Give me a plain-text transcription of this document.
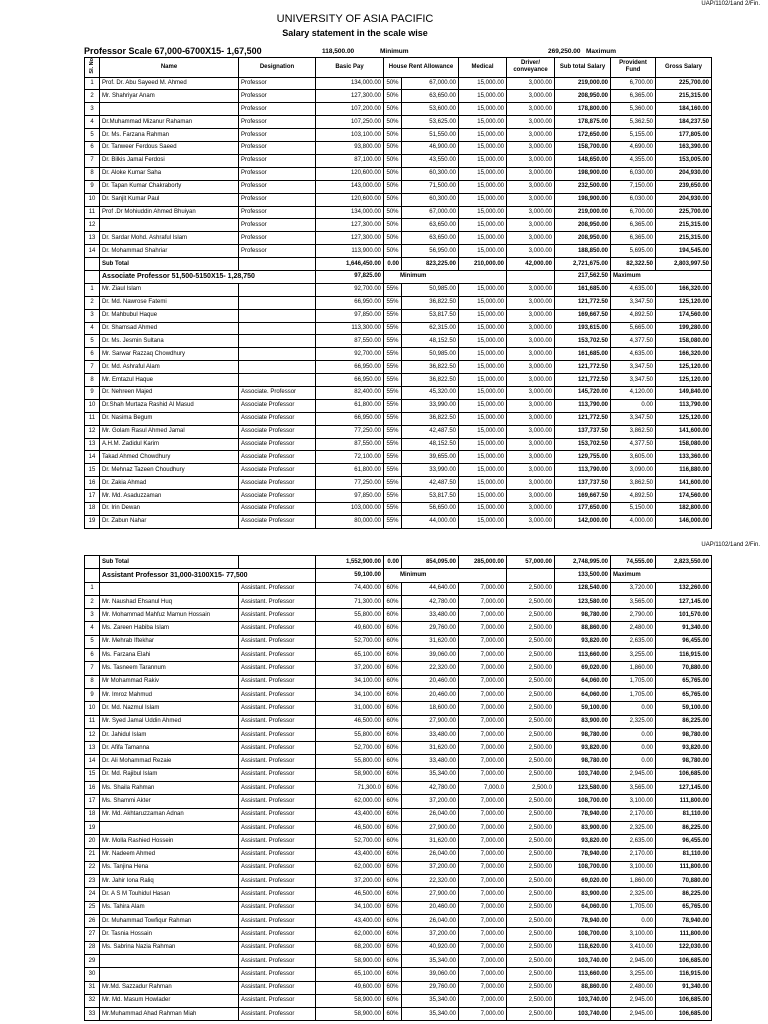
UAP/1102/1and 2/Fin.
UNIVERSITY OF ASIA PACIFIC
Salary statement in the scale wise
Professor Scale 67,000-6700X15- 1,67,500	118,500.00	Minimum	269,250.00 Maximum
Sl. No	Name	Designation	Basic Pay	House Rent Allowance		Medical	Driver/ conveyance	Sub total Salary	Provident Fund	Gross Salary
1	Prof. Dr. Abu Sayeed M. Ahmed	Professor	134,000.00	50%	67,000.00	15,000.00	3,000.00	219,000.00	6,700.00	225,700.00
2	Mr. Shahriyar Anam	Professor	127,300.00	50%	63,650.00	15,000.00	3,000.00	208,950.00	6,365.00	215,315.00
3		Professor	107,200.00	50%	53,600.00	15,000.00	3,000.00	178,800.00	5,360.00	184,160.00
4	Dr.Muhammad Mizanur Rahaman	Professor	107,250.00	50%	53,625.00	15,000.00	3,000.00	178,875.00	5,362.50	184,237.50
5	Dr. Ms. Farzana Rahman	Professor	103,100.00	50%	51,550.00	15,000.00	3,000.00	172,650.00	5,155.00	177,805.00
6	Dr. Tanweer Ferdous Saeed	Professor	93,800.00	50%	46,900.00	15,000.00	3,000.00	158,700.00	4,690.00	163,390.00
7	Dr. Bilkis Jamal Ferdosi	Professor	87,100.00	50%	43,550.00	15,000.00	3,000.00	148,650.00	4,355.00	153,005.00
8	Dr. Aloke Kumar Saha	Professor	120,600.00	50%	60,300.00	15,000.00	3,000.00	198,900.00	6,030.00	204,930.00
9	Dr. Tapan Kumar Chakraborty	Professor	143,000.00	50%	71,500.00	15,000.00	3,000.00	232,500.00	7,150.00	239,650.00
10	Dr. Sanjit Kumar Paul	Professor	120,600.00	50%	60,300.00	15,000.00	3,000.00	198,900.00	6,030.00	204,930.00
11	Prof .Dr Mohiuddin Ahmed Bhuiyan	Professor	134,000.00	50%	67,000.00	15,000.00	3,000.00	219,000.00	6,700.00	225,700.00
12		Professor	127,300.00	50%	63,650.00	15,000.00	3,000.00	208,950.00	6,365.00	215,315.00
13	Dr. Sardar Mohd. Ashraful Islam	Professor	127,300.00	50%	63,650.00	15,000.00	3,000.00	208,950.00	6,365.00	215,315.00
14	Dr. Mohammad Shahriar	Professor	113,900.00	50%	56,950.00	15,000.00	3,000.00	188,850.00	5,695.00	194,545.00
	Sub Total		1,646,450.00	0.00	823,225.00	210,000.00	42,000.00	2,721,675.00	82,322.50	2,803,997.50
	Associate Professor 51,500-5150X15- 1,28,750		97,825.00	Minimum				217,562.50	Maximum	
1	Mr. Ziaul Islam		92,700.00	55%	50,985.00	15,000.00	3,000.00	161,685.00	4,635.00	166,320.00
2	Dr. Md. Nawrose Fatemi		66,950.00	55%	36,822.50	15,000.00	3,000.00	121,772.50	3,347.50	125,120.00
3	Dr. Mahbubul Haque		97,850.00	55%	53,817.50	15,000.00	3,000.00	169,667.50	4,892.50	174,560.00
4	Dr. Shamsad Ahmed		113,300.00	55%	62,315.00	15,000.00	3,000.00	193,615.00	5,665.00	199,280.00
5	Dr. Ms. Jesmin Sultana		87,550.00	55%	48,152.50	15,000.00	3,000.00	153,702.50	4,377.50	158,080.00
6	Mr. Sarwar Razzaq Chowdhury		92,700.00	55%	50,985.00	15,000.00	3,000.00	161,685.00	4,635.00	166,320.00
7	Dr. Md. Ashraful Alam		66,950.00	55%	36,822.50	15,000.00	3,000.00	121,772.50	3,347.50	125,120.00
8	Mr. Emtazul Haque		66,950.00	55%	36,822.50	15,000.00	3,000.00	121,772.50	3,347.50	125,120.00
9	Dr. Nehreen Majed	Associate. Professor	82,400.00	55%	45,320.00	15,000.00	3,000.00	145,720.00	4,120.00	149,840.00
10	Dr.Shah Murtaza Rashid Al Masud	Associate Professor	61,800.00	55%	33,990.00	15,000.00	3,000.00	113,790.00	0.00	113,790.00
11	Dr. Nasima Begum	Associate Professor	66,950.00	55%	36,822.50	15,000.00	3,000.00	121,772.50	3,347.50	125,120.00
12	Mr. Golam Rasul Ahmed Jamal	Associate Professor	77,250.00	55%	42,487.50	15,000.00	3,000.00	137,737.50	3,862.50	141,600.00
13	A.H.M. Zadidul Karim	Associate Professor	87,550.00	55%	48,152.50	15,000.00	3,000.00	153,702.50	4,377.50	158,080.00
14	Takad Ahmed Chowdhury	Associate Professor	72,100.00	55%	39,655.00	15,000.00	3,000.00	129,755.00	3,605.00	133,360.00
15	Dr. Mehnaz Tazeen Choudhury	Associate Professor	61,800.00	55%	33,990.00	15,000.00	3,000.00	113,790.00	3,090.00	116,880.00
16	Dr. Zakia Ahmad	Associate Professor	77,250.00	55%	42,487.50	15,000.00	3,000.00	137,737.50	3,862.50	141,600.00
17	Mr. Md. Asaduzzaman	Associate Professor	97,850.00	55%	53,817.50	15,000.00	3,000.00	169,667.50	4,892.50	174,560.00
18	Dr. Irin Dewan	Associate Professor	103,000.00	55%	56,650.00	15,000.00	3,000.00	177,650.00	5,150.00	182,800.00
19	Dr. Zabun Nahar	Associate Professor	80,000.00	55%	44,000.00	15,000.00	3,000.00	142,000.00	4,000.00	146,000.00
UAP/1102/1and 2/Fin.
	Sub Total		1,552,900.00	0.00	854,095.00	285,000.00	57,000.00	2,748,995.00	74,555.00	2,823,550.00
	Assistant Professor 31,000-3100X15- 77,500		59,100.00	Minimum				133,500.00	Maximum	
1		Assistant. Professor	74,400.00	60%	44,640.00	7,000.00	2,500.00	128,540.00	3,720.00	132,260.00
2	Mr. Naushad Ehsanul Huq	Assistant. Professor	71,300.00	60%	42,780.00	7,000.00	2,500.00	123,580.00	3,565.00	127,145.00
3	Mr. Mohammad Mahfuz Mamun Hossain	Assistant. Professor	55,800.00	60%	33,480.00	7,000.00	2,500.00	98,780.00	2,790.00	101,570.00
4	Ms. Zareen Habiba Islam	Assistant. Professor	49,600.00	60%	29,760.00	7,000.00	2,500.00	88,860.00	2,480.00	91,340.00
5	Mr. Mehrab Iftekhar	Assistant. Professor	52,700.00	60%	31,620.00	7,000.00	2,500.00	93,820.00	2,635.00	96,455.00
6	Ms. Farzana Elahi	Assistant. Professor	65,100.00	60%	39,060.00	7,000.00	2,500.00	113,660.00	3,255.00	116,915.00
7	Ms. Tasneem Tarannum	Assistant. Professor	37,200.00	60%	22,320.00	7,000.00	2,500.00	69,020.00	1,860.00	70,880.00
8	Mr Mohammad Rakiv	Assistant. Professor	34,100.00	60%	20,460.00	7,000.00	2,500.00	64,060.00	1,705.00	65,765.00
9	Mr. Imroz Mahmud	Assistant. Professor	34,100.00	60%	20,460.00	7,000.00	2,500.00	64,060.00	1,705.00	65,765.00
10	Dr. Md. Nazmul Islam	Assistant. Professor	31,000.00	60%	18,600.00	7,000.00	2,500.00	59,100.00	0.00	59,100.00
11	Mr. Syed Jamal Uddin Ahmed	Assistant. Professor	46,500.00	60%	27,900.00	7,000.00	2,500.00	83,900.00	2,325.00	86,225.00
12	Dr. Jahidul Islam	Assistant. Professor	55,800.00	60%	33,480.00	7,000.00	2,500.00	98,780.00	0.00	98,780.00
13	Dr. Afifa Tamanna	Assistant. Professor	52,700.00	60%	31,620.00	7,000.00	2,500.00	93,820.00	0.00	93,820.00
14	Dr. Ali Mohammad Rezaie	Assistant. Professor	55,800.00	60%	33,480.00	7,000.00	2,500.00	98,780.00	0.00	98,780.00
15	Dr. Md. Rajibul Islam	Assistant. Professor	58,900.00	60%	35,340.00	7,000.00	2,500.00	103,740.00	2,945.00	106,685.00
16	Ms. Shaila Rahman	Assistant. Professor	71,300.0	60%	42,780.00	7,000.0	2,500.0	123,580.00	3,565.00	127,145.00
17	Ms. Shammi Akter	Assistant. Professor	62,000.00	60%	37,200.00	7,000.00	2,500.00	108,700.00	3,100.00	111,800.00
18	Mr. Md. Akhtaruzzaman Adnan	Assistant. Professor	43,400.00	60%	26,040.00	7,000.00	2,500.00	78,940.00	2,170.00	81,110.00
19		Assistant. Professor	46,500.00	60%	27,900.00	7,000.00	2,500.00	83,900.00	2,325.00	86,225.00
20	Mr. Molla Rashied Hossein	Assistant. Professor	52,700.00	60%	31,620.00	7,000.00	2,500.00	93,820.00	2,635.00	96,455.00
21	Mr. Nadeem Ahmed	Assistant. Professor	43,400.00	60%	26,040.00	7,000.00	2,500.00	78,940.00	2,170.00	81,110.00
22	Ms. Tanjina Hena	Assistant. Professor	62,000.00	60%	37,200.00	7,000.00	2,500.00	108,700.00	3,100.00	111,800.00
23	Mr. Jahir Iona Raliq	Assistant. Professor	37,200.00	60%	22,320.00	7,000.00	2,500.00	69,020.00	1,860.00	70,880.00
24	Dr. A S M Touhidul Hasan	Assistant. Professor	46,500.00	60%	27,900.00	7,000.00	2,500.00	83,900.00	2,325.00	86,225.00
25	Ms. Tahira Alam	Assistant. Professor	34,100.00	60%	20,460.00	7,000.00	2,500.00	64,060.00	1,705.00	65,765.00
26	Dr. Muhammad Towfiqur Rahman	Assistant. Professor	43,400.00	60%	26,040.00	7,000.00	2,500.00	78,940.00	0.00	78,940.00
27	Dr. Tasnia Hossain	Assistant. Professor	62,000.00	60%	37,200.00	7,000.00	2,500.00	108,700.00	3,100.00	111,800.00
28	Ms. Sabrina Nazia Rahman	Assistant. Professor	68,200.00	60%	40,920.00	7,000.00	2,500.00	118,620.00	3,410.00	122,030.00
29		Assistant. Professor	58,900.00	60%	35,340.00	7,000.00	2,500.00	103,740.00	2,945.00	106,685.00
30		Assistant. Professor	65,100.00	60%	39,060.00	7,000.00	2,500.00	113,660.00	3,255.00	116,915.00
31	Mr.Md. Sazzadur Rahman	Assistant. Professor	49,600.00	60%	29,760.00	7,000.00	2,500.00	88,860.00	2,480.00	91,340.00
32	Mr. Md. Masum Howlader	Assistant. Professor	58,900.00	60%	35,340.00	7,000.00	2,500.00	103,740.00	2,945.00	106,685.00
33	Mr.Muhammad Ahad Rahman Miah	Assistant. Professor	58,900.00	60%	35,340.00	7,000.00	2,500.00	103,740.00	2,945.00	106,685.00
